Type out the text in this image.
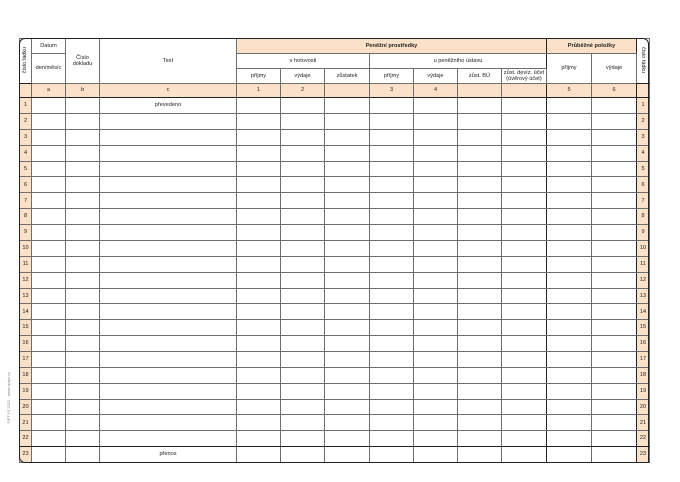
číslo řádku	Datum	Číslo dokladu	Text	Peněžní prostředky							Průběžné položky		číslo řádku
	den/měsíc			v hotovosti			u peněžního ústavu				příjmy	výdaje	
				příjmy	výdaje	zůstatek	příjmy	výdaje	zůst. BÚ	zůst. devíz. účet (úvěrový účet)			
	a	b	c	1	2		3	4			5	6	
1			převedeno										1
2													2
3													3
4													4
5													5
6													6
7													7
8													8
9													9
10													10
11													11
12													12
13													13
14													14
15													15
16													16
17													17
18													18
19													19
20													20
21													21
22													22
23			přenos										23
OPTYS 2022 · www.optys.cz
